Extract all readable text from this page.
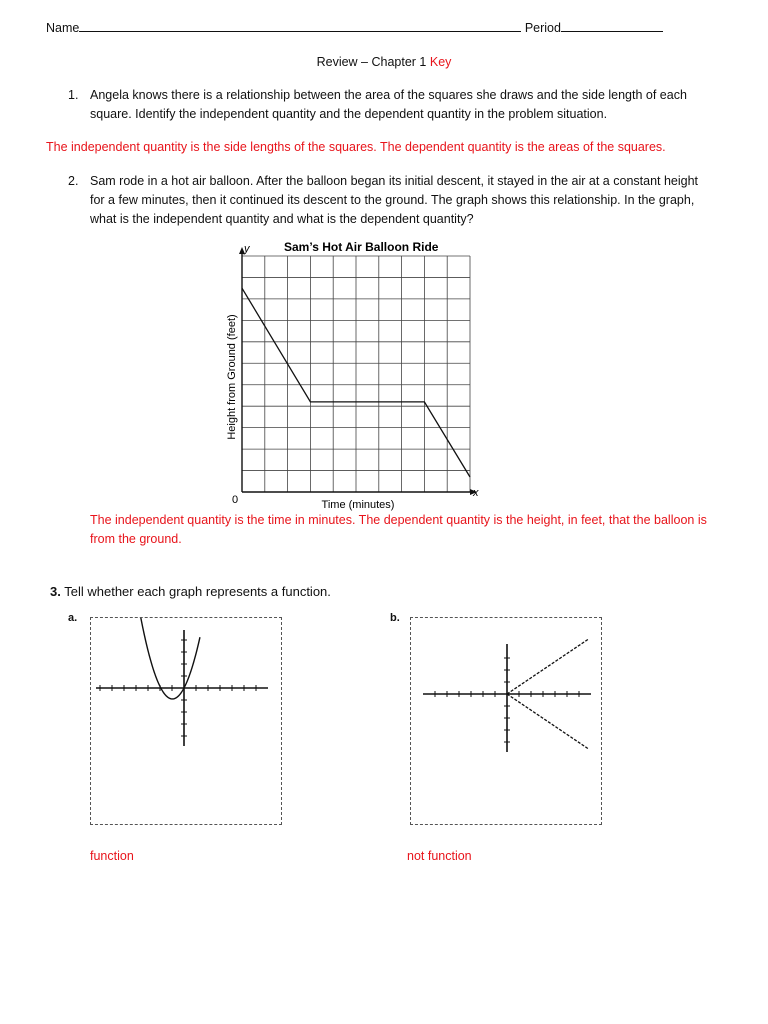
Name	Period
Review – Chapter 1 Key
1. Angela knows there is a relationship between the area of the squares she draws and the side length of each square. Identify the independent quantity and the dependent quantity in the problem situation.
The independent quantity is the side lengths of the squares. The dependent quantity is the areas of the squares.
2. Sam rode in a hot air balloon. After the balloon began its initial descent, it stayed in the air at a constant height for a few minutes, then it continued its descent to the ground. The graph shows this relationship. In the graph, what is the independent quantity and what is the dependent quantity?
y	Sam’s Hot Air Balloon Ride
x
0	Time (minutes)
Height from Ground (feet)
The independent quantity is the time in minutes. The dependent quantity is the height, in feet, that the balloon is from the ground.
3. Tell whether each graph represents a function.
a.	b.
function	not function
